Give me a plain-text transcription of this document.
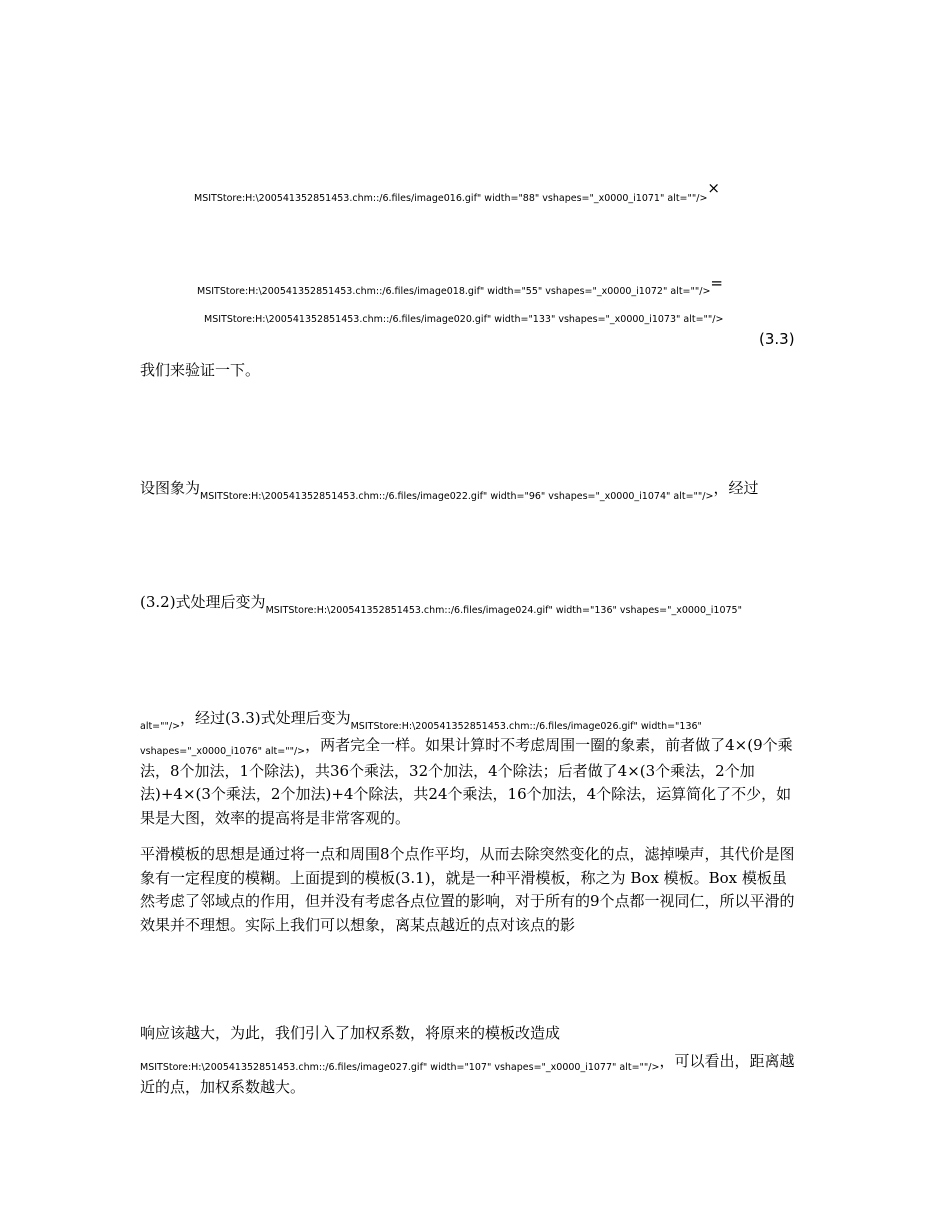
MSITStore:H:\200541352851453.chm::/6.files/image016.gif" width="88" vshapes="_x0000_i1071" alt=""/>×
MSITStore:H:\200541352851453.chm::/6.files/image018.gif" width="55" vshapes="_x0000_i1072" alt=""/>=
MSITStore:H:\200541352851453.chm::/6.files/image020.gif" width="133" vshapes="_x0000_i1073" alt=""/>
(3.3)
我们来验证一下。
设图象为$_{MSITStore:H:\backslash 200541352851453.chm::/6.files/image022.gif" width="96" vshapes="\_x0000\_i1074" alt=""/>}$，经过
(3.2)式处理后变为$_{MSITStore:H:\backslash 200541352851453.chm::/6.files/image024.gif" width="136" vshapes="\_x0000\_i1075"}$
$_{alt=""/>}$，经过(3.3)式处理后变为$_{MSITStore:H:\backslash 200541352851453.chm::/6.files/image026.gif" width="136"}$
$_{vshapes="\_x0000\_i1076" alt=""/>}$，两者完全一样。如果计算时不考虑周围一圈的象素，前者做了4×(9个乘法，8个加法，1个除法)，共36个乘法，32个加法，4个除法；后者做了4×(3个乘法，2个加法)+4×(3个乘法，2个加法)+4个除法，共24个乘法，16个加法，4个除法，运算简化了不少，如果是大图，效率的提高将是非常客观的。
平滑模板的思想是通过将一点和周围8个点作平均，从而去除突然变化的点，滤掉噪声，其代价是图象有一定程度的模糊。上面提到的模板(3.1)，就是一种平滑模板，称之为 Box 模板。Box 模板虽然考虑了邻域点的作用，但并没有考虑各点位置的影响，对于所有的9个点都一视同仁，所以平滑的效果并不理想。实际上我们可以想象，离某点越近的点对该点的影
响应该越大，为此，我们引入了加权系数，将原来的模板改造成
$_{MSITStore:H:\backslash 200541352851453.chm::/6.files/image027.gif" width="107" vshapes="\_x0000\_i1077" alt=""/>}$，可以看出，距离越近的点，加权系数越大。
